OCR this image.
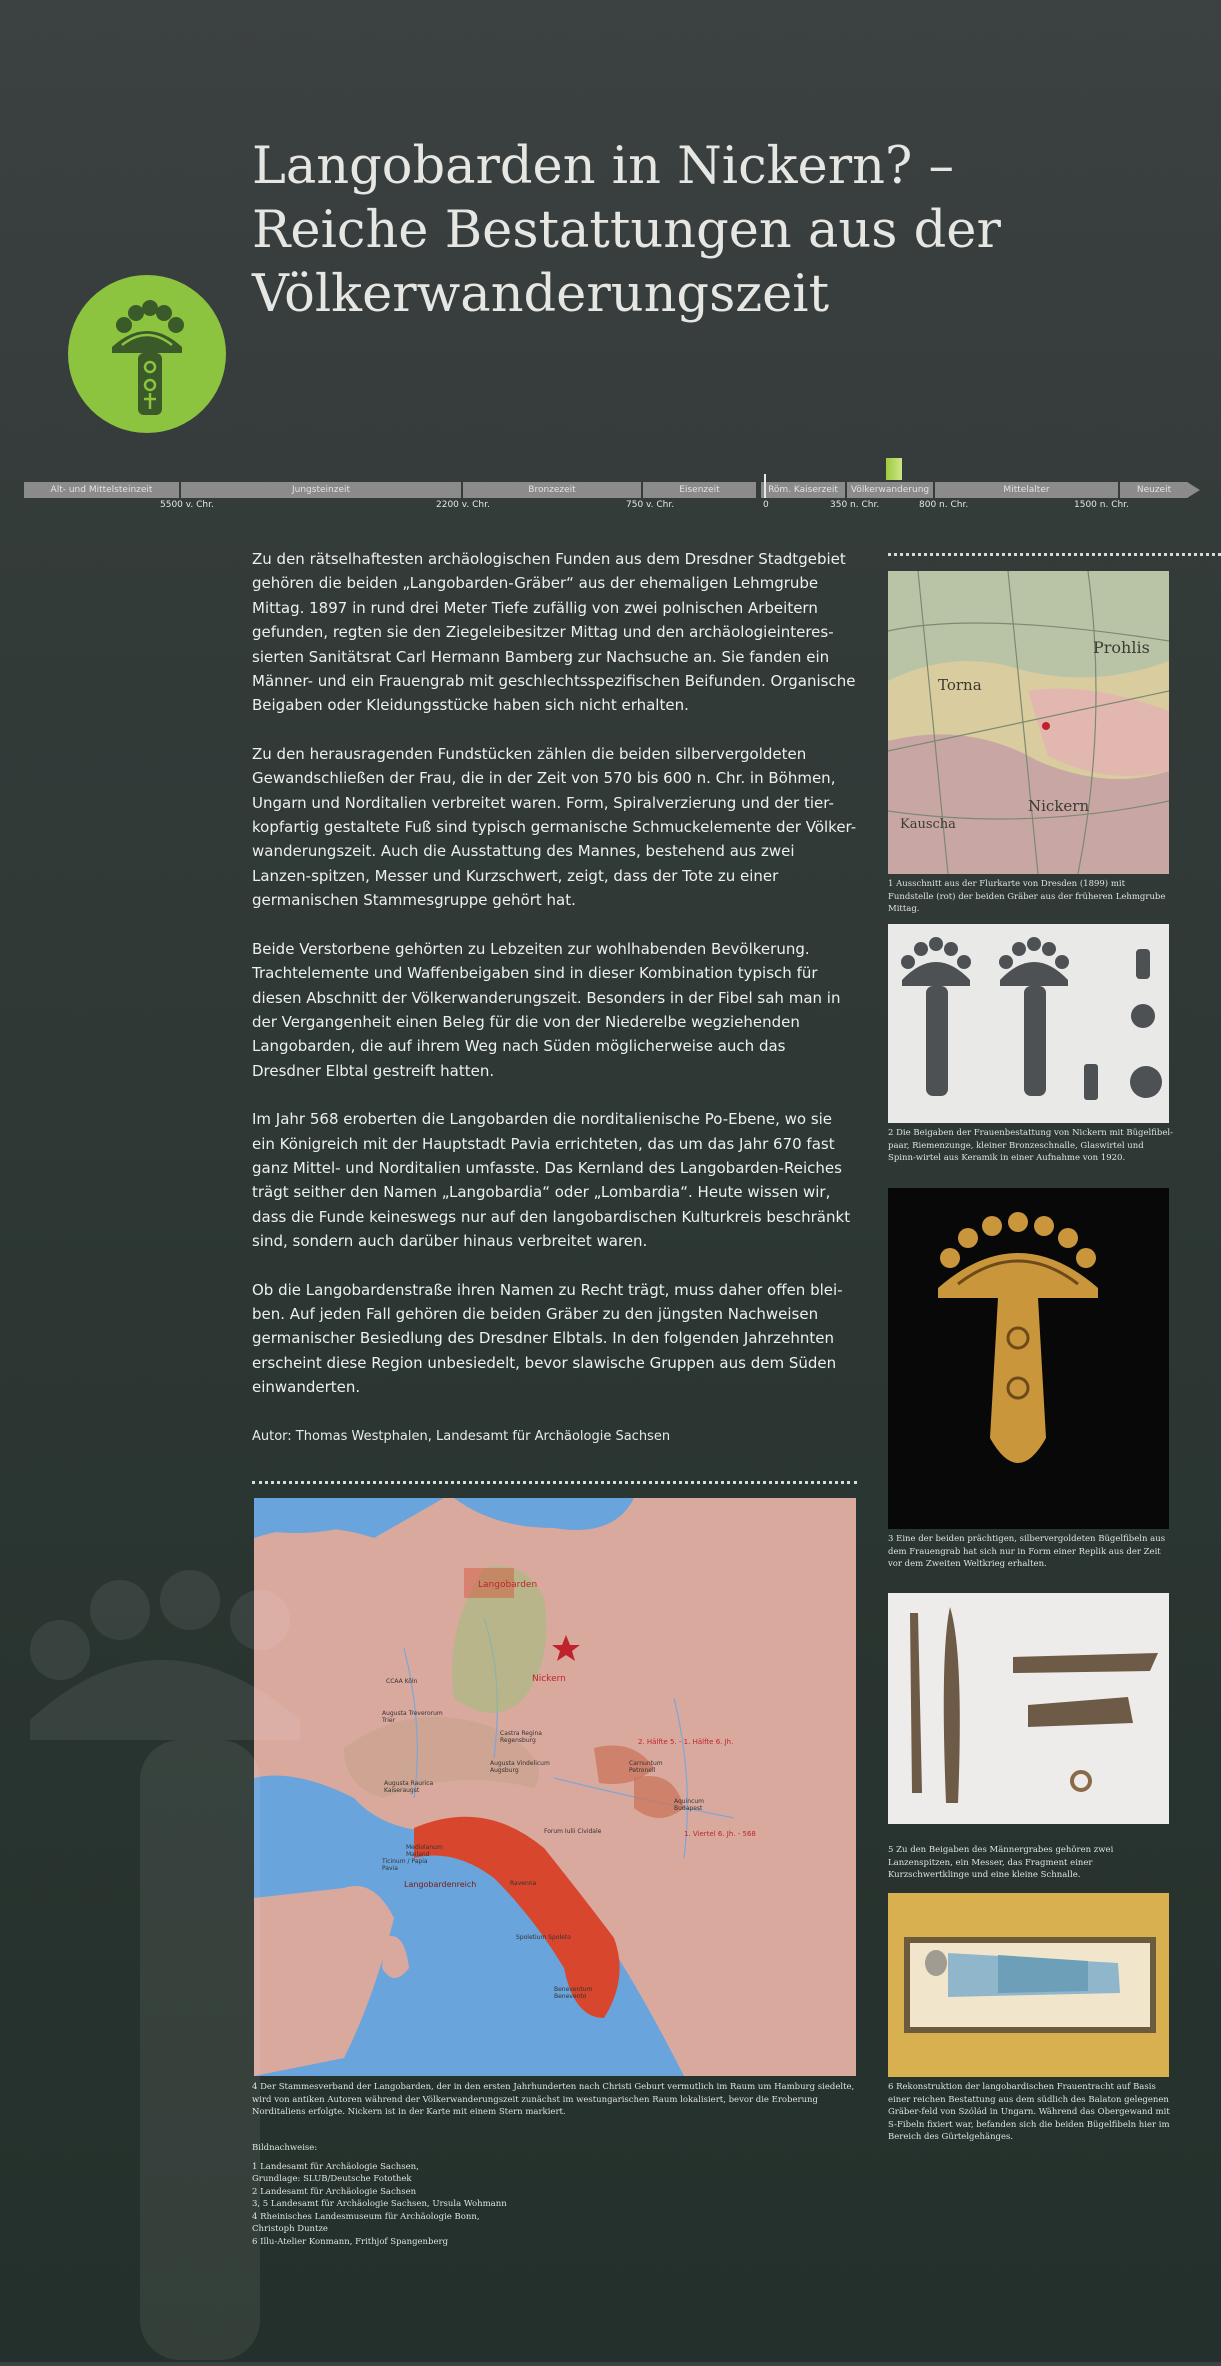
Langobarden in Nickern? –
Reiche Bestattungen aus der
Völkerwanderungszeit
Alt- und Mittelsteinzeit	Jungsteinzeit	Bronzezeit	Eisenzeit	Röm. Kaiserzeit	Völkerwanderung	Mittelalter	Neuzeit
5500 v. Chr.	2200 v. Chr.	750 v. Chr.	0	350 n. Chr.	800 n. Chr.	1500 n. Chr.

Zu den rätselhaftesten archäologischen Funden aus dem Dresdner Stadtgebiet gehören die beiden „Langobarden-Gräber“ aus der ehemaligen Lehmgrube Mittag. 1897 in rund drei Meter Tiefe zufällig von zwei polnischen Arbeitern gefunden, regten sie den Ziegeleibesitzer Mittag und den archäologieinteres-sierten Sanitätsrat Carl Hermann Bamberg zur Nachsuche an. Sie fanden ein Männer- und ein Frauengrab mit geschlechtsspezifischen Beifunden. Organische Beigaben oder Kleidungsstücke haben sich nicht erhalten.

Zu den herausragenden Fundstücken zählen die beiden silbervergoldeten Gewandschließen der Frau, die in der Zeit von 570 bis 600 n. Chr. in Böhmen, Ungarn und Norditalien verbreitet waren. Form, Spiralverzierung und der tier-kopfartig gestaltete Fuß sind typisch germanische Schmuckelemente der Völker-wanderungszeit. Auch die Ausstattung des Mannes, bestehend aus zwei Lanzen-spitzen, Messer und Kurzschwert, zeigt, dass der Tote zu einer germanischen Stammesgruppe gehört hat.

Beide Verstorbene gehörten zu Lebzeiten zur wohlhabenden Bevölkerung. Trachtelemente und Waffenbeigaben sind in dieser Kombination typisch für diesen Abschnitt der Völkerwanderungszeit. Besonders in der Fibel sah man in der Vergangenheit einen Beleg für die von der Niederelbe wegziehenden Langobarden, die auf ihrem Weg nach Süden möglicherweise auch das Dresdner Elbtal gestreift hatten.

Im Jahr 568 eroberten die Langobarden die norditalienische Po-Ebene, wo sie ein Königreich mit der Hauptstadt Pavia errichteten, das um das Jahr 670 fast ganz Mittel- und Norditalien umfasste. Das Kernland des Langobarden-Reiches trägt seither den Namen „Langobardia“ oder „Lombardia“. Heute wissen wir, dass die Funde keineswegs nur auf den langobardischen Kulturkreis beschränkt sind, sondern auch darüber hinaus verbreitet waren.

Ob die Langobardenstraße ihren Namen zu Recht trägt, muss daher offen blei-ben. Auf jeden Fall gehören die beiden Gräber zu den jüngsten Nachweisen germanischer Besiedlung des Dresdner Elbtals. In den folgenden Jahrzehnten erscheint diese Region unbesiedelt, bevor slawische Gruppen aus dem Süden einwanderten.

Autor: Thomas Westphalen, Landesamt für Archäologie Sachsen
Torna
Prohlis
Kauscha
Nickern
1 Ausschnitt aus der Flurkarte von Dresden (1899) mit Fundstelle (rot) der beiden Gräber aus der früheren Lehmgrube Mittag.
2 Die Beigaben der Frauenbestattung von Nickern mit Bügelfibel-paar, Riemenzunge, kleiner Bronzeschnalle, Glaswirtel und Spinn-wirtel aus Keramik in einer Aufnahme von 1920.
3 Eine der beiden prächtigen, silbervergoldeten Bügelfibeln aus dem Frauengrab hat sich nur in Form einer Replik aus der Zeit vor dem Zweiten Weltkrieg erhalten.
5 Zu den Beigaben des Männergrabes gehören zwei Lanzenspitzen, ein Messer, das Fragment einer Kurzschwertklinge und eine kleine Schnalle.
6 Rekonstruktion der langobardischen Frauentracht auf Basis einer reichen Bestattung aus dem südlich des Balaton gelegenen Gräber-feld von Szólád in Ungarn. Während das Obergewand mit S-Fibeln fixiert war, befanden sich die beiden Bügelfibeln hier im Bereich des Gürtelgehänges.
Langobarden
Nickern
CCAA Köln
Augusta Treverorum Trier
Castra Regina Regensburg
Augusta Vindelicum Augsburg
Augusta Raurica Kaiseraugst
Carnuntum Petronell
Aquincum Budapest
2. Hälfte 5. - 1. Hälfte 6. Jh.
1. Viertel 6. Jh. - 568
Mediolanum Mailand
Ticinum / Papia Pavia
Forum Iulii Cividale
Langobardenreich	Ravenna
Spoletium Spoleto
Beneventum Benevento
4 Der Stammesverband der Langobarden, der in den ersten Jahrhunderten nach Christi Geburt vermutlich im Raum um Hamburg siedelte, wird von antiken Autoren während der Völkerwanderungszeit zunächst im westungarischen Raum lokalisiert, bevor die Eroberung Norditaliens erfolgte. Nickern ist in der Karte mit einem Stern markiert.
Bildnachweise:
1 Landesamt für Archäologie Sachsen,
Grundlage: SLUB/Deutsche Fotothek
2 Landesamt für Archäologie Sachsen
3, 5 Landesamt für Archäologie Sachsen, Ursula Wohmann
4 Rheinisches Landesmuseum für Archäologie Bonn,
Christoph Duntze
6 Illu-Atelier Konmann, Frithjof Spangenberg
